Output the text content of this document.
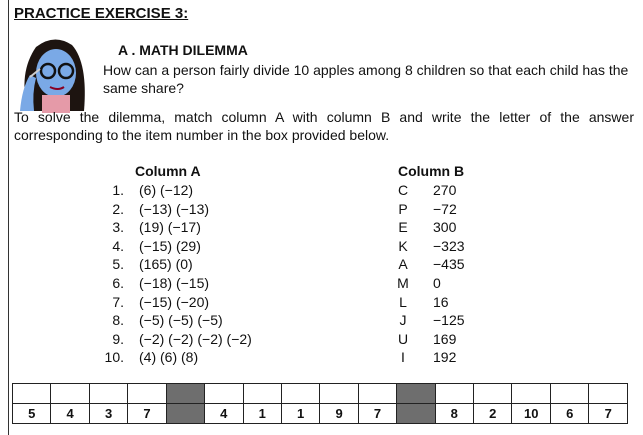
PRACTICE EXERCISE 3:
A . MATH DILEMMA
How can a person fairly divide 10 apples among 8 children so that each child has the same share?
To solve the dilemma, match column A with column B and write the letter of the answer corresponding to the item number in the box provided below.
Column A	Column B
1. (6) (−12)	C 270
2. (−13) (−13)	P −72
3. (19) (−17)	E 300
4. (−15) (29)	K −323
5. (165) (0)	A −435
6. (−18) (−15)	M 0
7. (−15) (−20)	L 16
8. (−5) (−5) (−5)	J −125
9. (−2) (−2) (−2) (−2)	U 169
10. (4) (6) (8)	I 192

5	4	3	7		4	1	1	9	7		8	2	10	6	7
